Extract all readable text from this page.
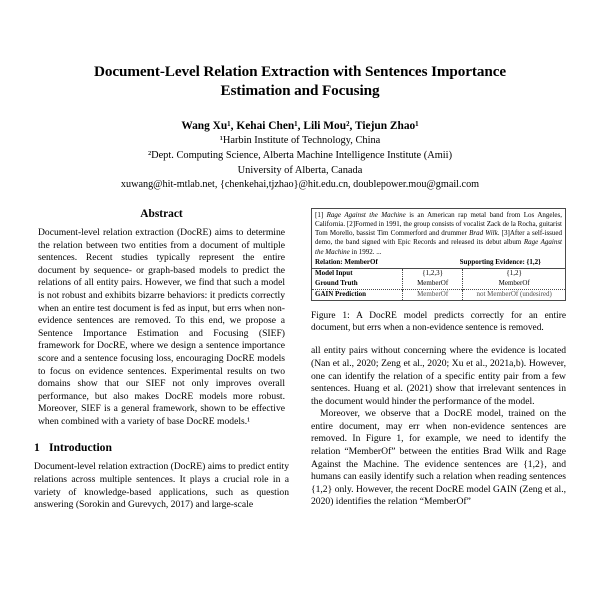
Document-Level Relation Extraction with Sentences Importance Estimation and Focusing
Wang Xu¹, Kehai Chen¹, Lili Mou², Tiejun Zhao¹
¹Harbin Institute of Technology, China
²Dept. Computing Science, Alberta Machine Intelligence Institute (Amii)
University of Alberta, Canada
xuwang@hit-mtlab.net, {chenkehai,tjzhao}@hit.edu.cn, doublepower.mou@gmail.com
Abstract

Document-level relation extraction (DocRE) aims to determine the relation between two entities from a document of multiple sentences. Recent studies typically represent the entire document by sequence- or graph-based models to predict the relations of all entity pairs. However, we find that such a model is not robust and exhibits bizarre behaviors: it predicts correctly when an entire test document is fed as input, but errs when non-evidence sentences are removed. To this end, we propose a Sentence Importance Estimation and Focusing (SIEF) framework for DocRE, where we design a sentence importance score and a sentence focusing loss, encouraging DocRE models to focus on evidence sentences. Experimental results on two domains show that our SIEF not only improves overall performance, but also makes DocRE models more robust. Moreover, SIEF is a general framework, shown to be effective when combined with a variety of base DocRE models.¹

1 Introduction

Document-level relation extraction (DocRE) aims to predict entity relations across multiple sentences. It plays a crucial role in a variety of knowledge-based applications, such as question answering (Sorokin and Gurevych, 2017) and large-scale

[1] Rage Against the Machine is an American rap metal band from Los Angeles, California. [2]Formed in 1991, the group consists of vocalist Zack de la Rocha, guitarist Tom Morello, bassist Tim Commerford and drummer Brad Wilk. [3]After a self-issued demo, the band signed with Epic Records and released its debut album Rage Against the Machine in 1992. ...

Relation: MemberOf	Supporting Evidence: {1,2}
Model Input	{1,2,3}	{1,2}
Ground Truth	MemberOf	MemberOf
GAIN Prediction	MemberOf	not MemberOf (undesired)
Figure 1: A DocRE model predicts correctly for an entire document, but errs when a non-evidence sentence is removed.

all entity pairs without concerning where the evidence is located (Nan et al., 2020; Zeng et al., 2020; Xu et al., 2021a,b). However, one can identify the relation of a specific entity pair from a few sentences. Huang et al. (2021) show that irrelevant sentences in the document would hinder the performance of the model.

Moreover, we observe that a DocRE model, trained on the entire document, may err when non-evidence sentences are removed. In Figure 1, for example, we need to identify the relation “MemberOf” between the entities Brad Wilk and Rage Against the Machine. The evidence sentences are {1,2}, and humans can easily identify such a relation when reading sentences {1,2} only. However, the recent DocRE model GAIN (Zeng et al., 2020) identifies the relation “MemberOf”
